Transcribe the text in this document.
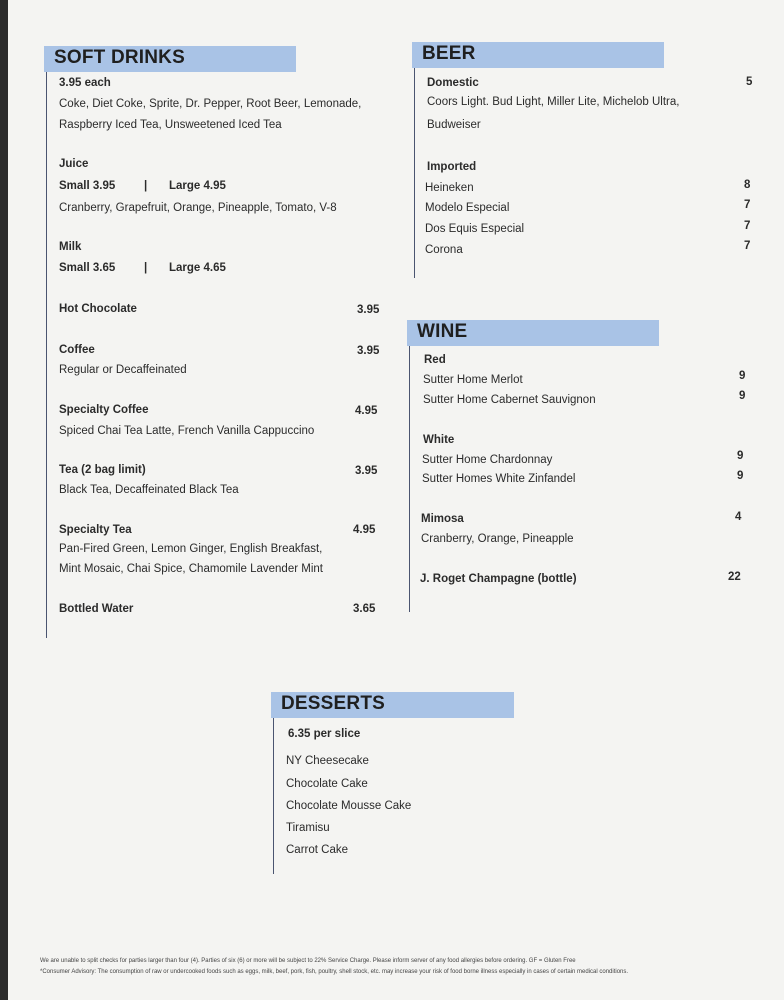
SOFT DRINKS
3.95 each
Coke, Diet Coke, Sprite, Dr. Pepper, Root Beer, Lemonade,
Raspberry Iced Tea, Unsweetened Iced Tea
Juice
Small 3.95 | Large 4.95
Cranberry, Grapefruit, Orange, Pineapple, Tomato, V-8
Milk
Small 3.65 | Large 4.65
Hot Chocolate	3.95
Coffee	3.95
Regular or Decaffeinated
Specialty Coffee	4.95
Spiced Chai Tea Latte, French Vanilla Cappuccino
Tea (2 bag limit)	3.95
Black Tea, Decaffeinated Black Tea
Specialty Tea	4.95
Pan-Fired Green, Lemon Ginger, English Breakfast,
Mint Mosaic, Chai Spice, Chamomile Lavender Mint
Bottled Water	3.65
BEER
Domestic	5
Coors Light. Bud Light, Miller Lite, Michelob Ultra,
Budweiser
Imported
Heineken	8
Modelo Especial	7
Dos Equis Especial	7
Corona	7
WINE
Red
Sutter Home Merlot	9
Sutter Home Cabernet Sauvignon	9
White
Sutter Home Chardonnay	9
Sutter Homes White Zinfandel	9
Mimosa	4
Cranberry, Orange, Pineapple
J. Roget Champagne (bottle)	22
DESSERTS
6.35 per slice
NY Cheesecake
Chocolate Cake
Chocolate Mousse Cake
Tiramisu
Carrot Cake
We are unable to split checks for parties larger than four (4). Parties of six (6) or more will be subject to 22% Service Charge. Please inform server of any food allergies before ordering. GF = Gluten Free
*Consumer Advisory: The consumption of raw or undercooked foods such as eggs, milk, beef, pork, fish, poultry, shell stock, etc. may increase your risk of food borne illness especially in cases of certain medical conditions.
